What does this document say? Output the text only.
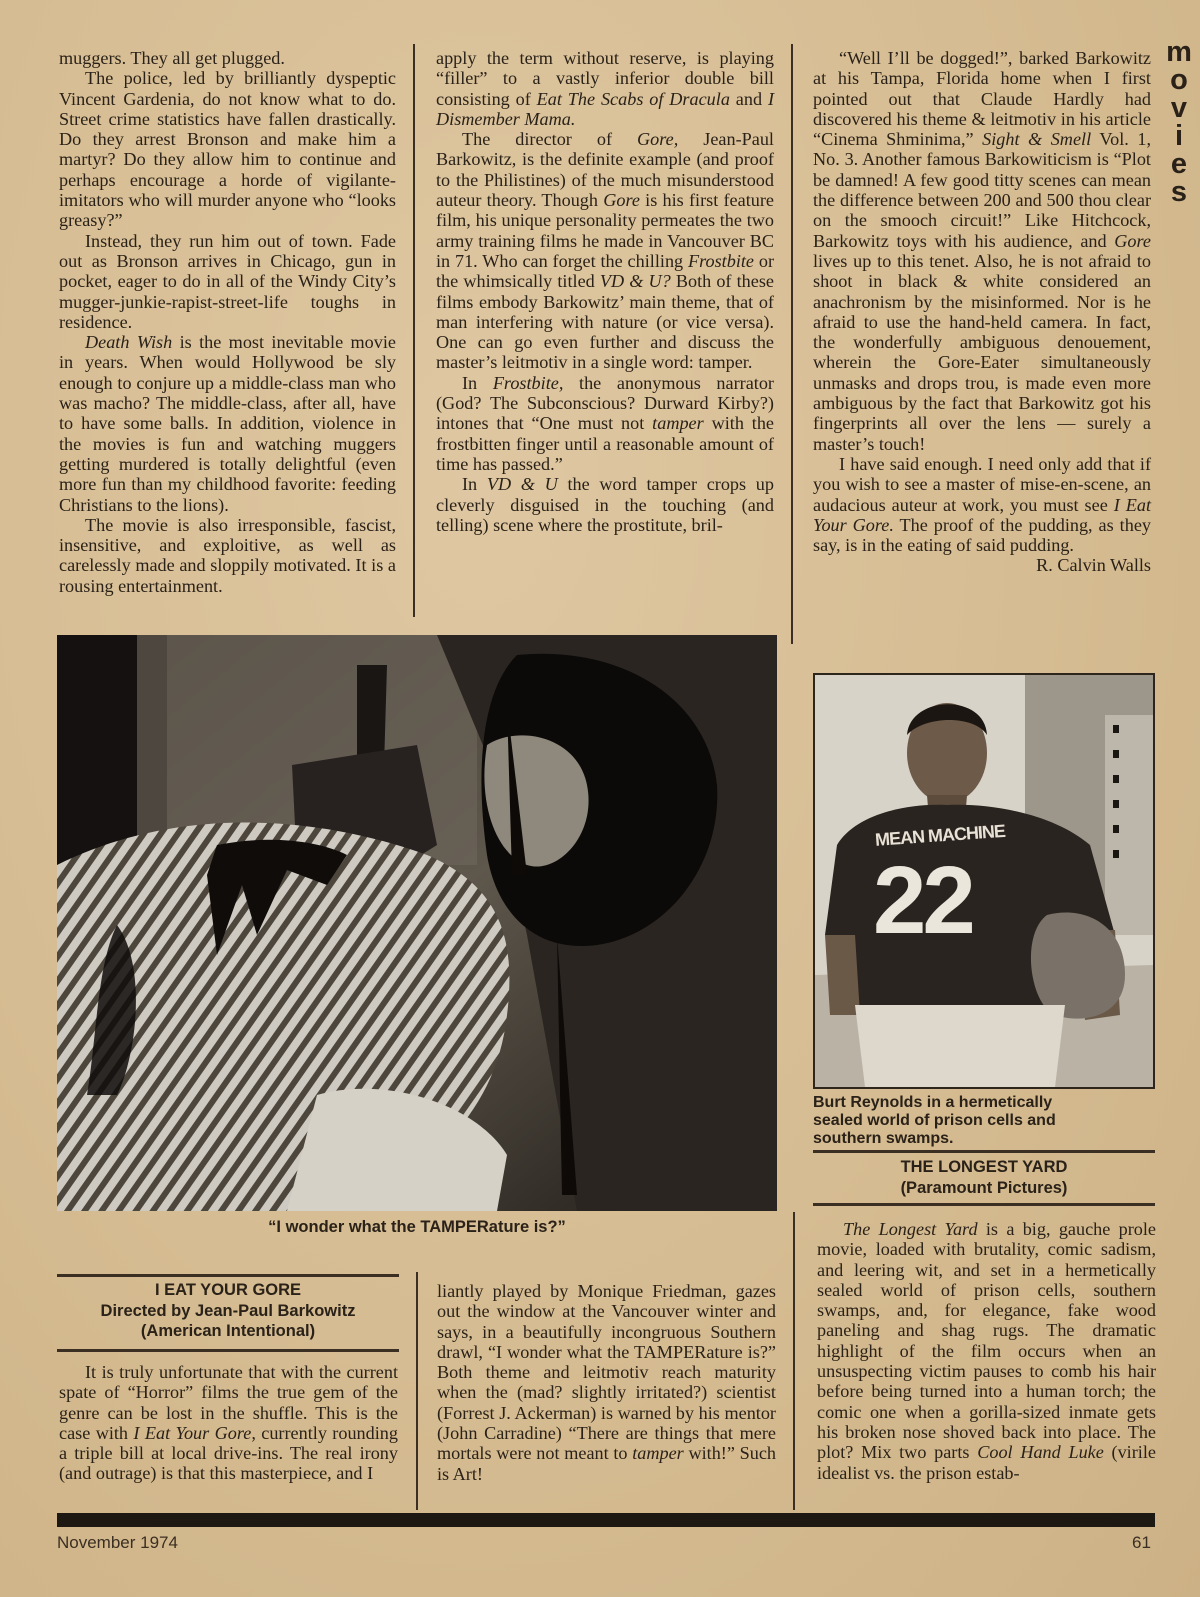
movies

muggers. They all get plugged.

The police, led by brilliantly dyspeptic Vincent Gardenia, do not know what to do. Street crime statistics have fallen drastically. Do they arrest Bronson and make him a martyr? Do they allow him to continue and perhaps encourage a horde of vigilante-imitators who will murder anyone who “looks greasy?”

Instead, they run him out of town. Fade out as Bronson arrives in Chicago, gun in pocket, eager to do in all of the Windy City’s mugger-junkie-rapist-street-life toughs in residence.

Death Wish is the most inevitable movie in years. When would Hollywood be sly enough to conjure up a middle-class man who was macho? The middle-class, after all, have to have some balls. In addition, violence in the movies is fun and watching muggers getting murdered is totally delightful (even more fun than my childhood favorite: feeding Christians to the lions).

The movie is also irresponsible, fascist, insensitive, and exploitive, as well as carelessly made and sloppily motivated. It is a rousing entertainment.

apply the term without reserve, is playing “filler” to a vastly inferior double bill consisting of Eat The Scabs of Dracula and I Dismember Mama.

The director of Gore, Jean-Paul Barkowitz, is the definite example (and proof to the Philistines) of the much misunderstood auteur theory. Though Gore is his first feature film, his unique personality permeates the two army training films he made in Vancouver BC in 71. Who can forget the chilling Frostbite or the whimsically titled VD & U? Both of these films embody Barkowitz’ main theme, that of man interfering with nature (or vice versa). One can go even further and discuss the master’s leitmotiv in a single word: tamper.

In Frostbite, the anonymous narrator (God? The Subconscious? Durward Kirby?) intones that “One must not tamper with the frostbitten finger until a reasonable amount of time has passed.”

In VD & U the word tamper crops up cleverly disguised in the touching (and telling) scene where the prostitute, bril-

“Well I’ll be dogged!”, barked Barkowitz at his Tampa, Florida home when I first pointed out that Claude Hardly had discovered his theme & leitmotiv in his article “Cinema Shminima,” Sight & Smell Vol. 1, No. 3. Another famous Barkowiticism is “Plot be damned! A few good titty scenes can mean the difference between 200 and 500 thou clear on the smooch circuit!” Like Hitchcock, Barkowitz toys with his audience, and Gore lives up to this tenet. Also, he is not afraid to shoot in black & white considered an anachronism by the misinformed. Nor is he afraid to use the hand-held camera. In fact, the wonderfully ambiguous denouement, wherein the Gore-Eater simultaneously unmasks and drops trou, is made even more ambiguous by the fact that Barkowitz got his fingerprints all over the lens — surely a master’s touch!

I have said enough. I need only add that if you wish to see a master of mise-en-scene, an audacious auteur at work, you must see I Eat Your Gore. The proof of the pudding, as they say, is in the eating of said pudding.

R. Calvin Walls

“I wonder what the TAMPERature is?”
MEAN MACHINE
22
Burt Reynolds in a hermetically sealed world of prison cells and southern swamps.
THE LONGEST YARD
(Paramount Pictures)
I EAT YOUR GORE
Directed by Jean-Paul Barkowitz
(American Intentional)

It is truly unfortunate that with the current spate of “Horror” films the true gem of the genre can be lost in the shuffle. This is the case with I Eat Your Gore, currently rounding a triple bill at local drive-ins. The real irony (and outrage) is that this masterpiece, and I

liantly played by Monique Friedman, gazes out the window at the Vancouver winter and says, in a beautifully incongruous Southern drawl, “I wonder what the TAMPERature is?” Both theme and leitmotiv reach maturity when the (mad? slightly irritated?) scientist (Forrest J. Ackerman) is warned by his mentor (John Carradine) “There are things that mere mortals were not meant to tamper with!” Such is Art!

The Longest Yard is a big, gauche prole movie, loaded with brutality, comic sadism, and leering wit, and set in a hermetically sealed world of prison cells, southern swamps, and, for elegance, fake wood paneling and shag rugs. The dramatic highlight of the film occurs when an unsuspecting victim pauses to comb his hair before being turned into a human torch; the comic one when a gorilla-sized inmate gets his broken nose shoved back into place. The plot? Mix two parts Cool Hand Luke (virile idealist vs. the prison estab-

November 1974	61
